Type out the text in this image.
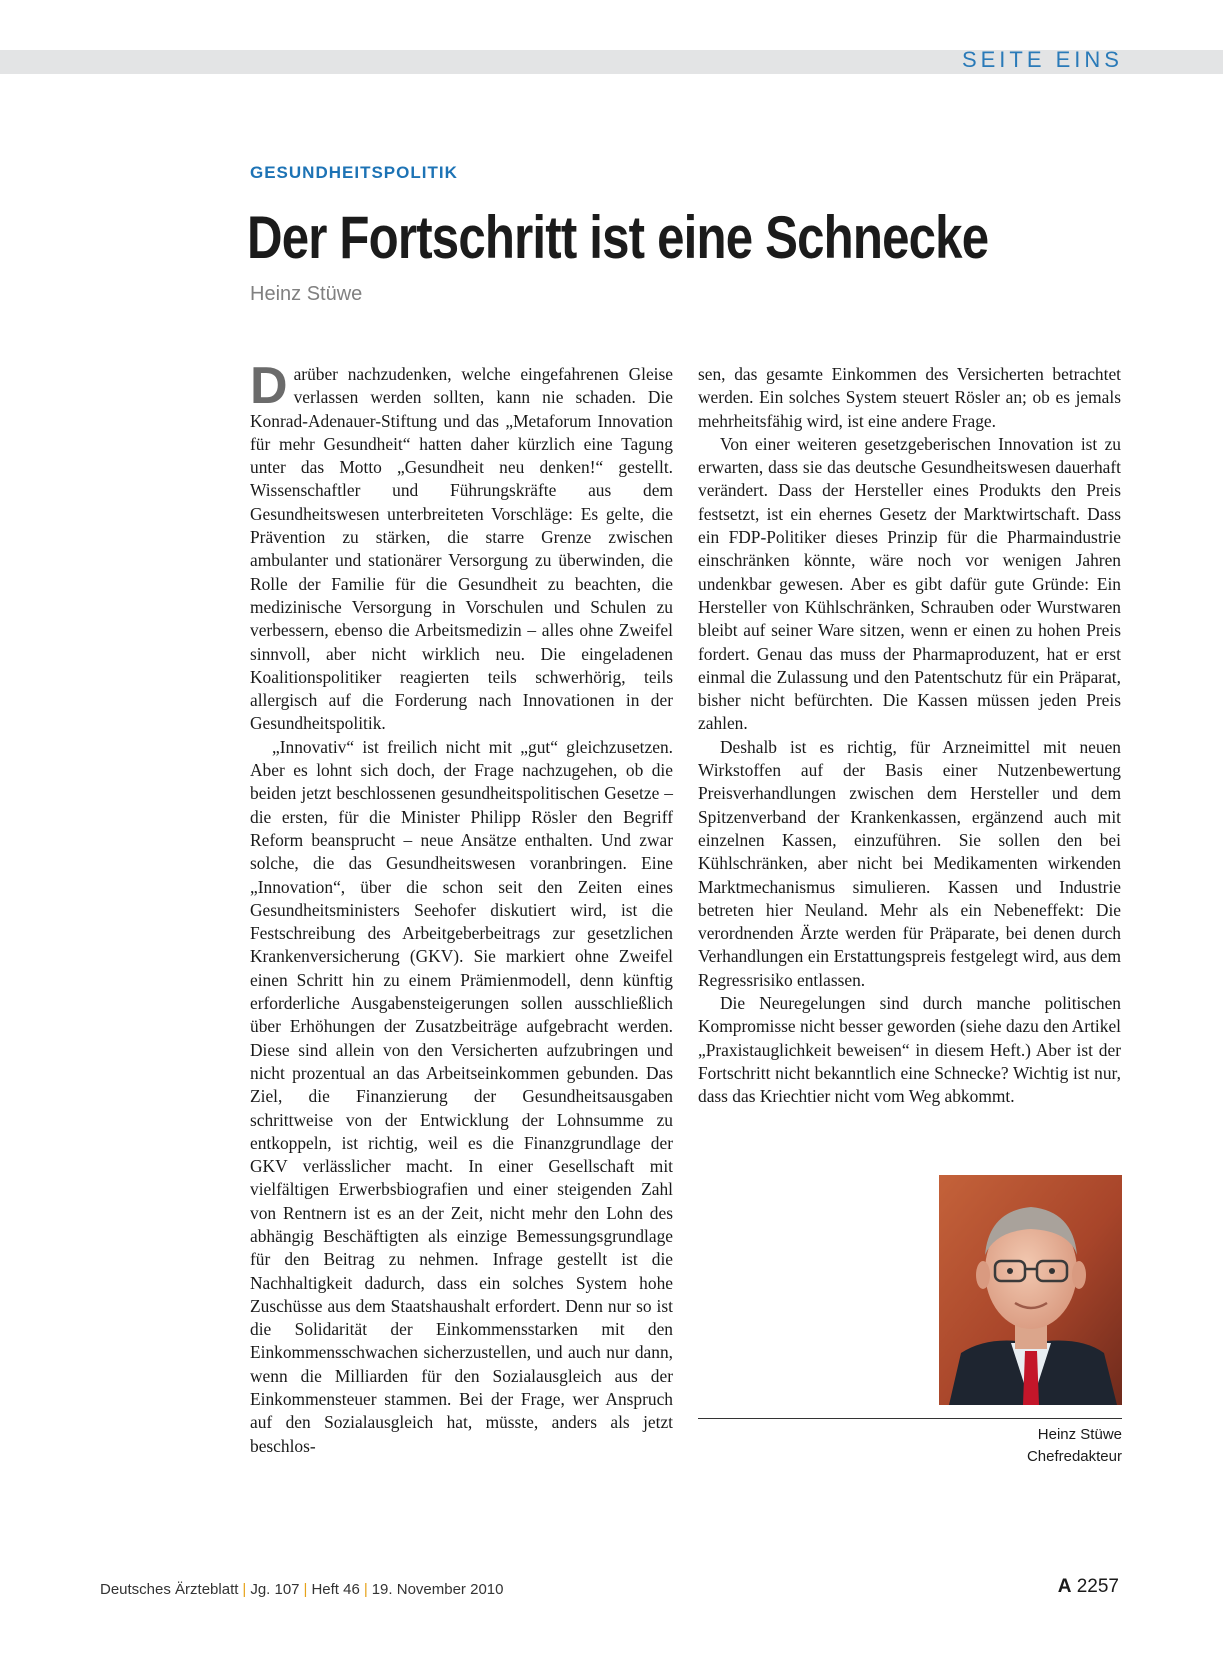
SEITE EINS
GESUNDHEITSPOLITIK
Der Fortschritt ist eine Schnecke
Heinz Stüwe

Darüber nachzudenken, welche eingefahrenen Gleise verlassen werden sollten, kann nie schaden. Die Konrad-Adenauer-Stiftung und das „Metaforum Innovation für mehr Gesundheit“ hatten daher kürzlich eine Tagung unter das Motto „Gesundheit neu denken!“ gestellt. Wissenschaftler und Führungskräfte aus dem Gesundheitswesen unterbreiteten Vorschläge: Es gelte, die Prävention zu stärken, die starre Grenze zwischen ambulanter und stationärer Versorgung zu überwinden, die Rolle der Familie für die Gesundheit zu beachten, die medizinische Versorgung in Vorschulen und Schulen zu verbessern, ebenso die Arbeitsmedizin – alles ohne Zweifel sinnvoll, aber nicht wirklich neu. Die eingeladenen Koalitionspolitiker reagierten teils schwerhörig, teils allergisch auf die Forderung nach Innovationen in der Gesundheitspolitik.

„Innovativ“ ist freilich nicht mit „gut“ gleichzusetzen. Aber es lohnt sich doch, der Frage nachzugehen, ob die beiden jetzt beschlossenen gesundheitspolitischen Gesetze – die ersten, für die Minister Philipp Rösler den Begriff Reform beansprucht – neue Ansätze enthalten. Und zwar solche, die das Gesundheitswesen voranbringen. Eine „Innovation“, über die schon seit den Zeiten eines Gesundheitsministers Seehofer diskutiert wird, ist die Festschreibung des Arbeitgeberbeitrags zur gesetzlichen Krankenversicherung (GKV). Sie markiert ohne Zweifel einen Schritt hin zu einem Prämienmodell, denn künftig erforderliche Ausgabensteigerungen sollen ausschließlich über Erhöhungen der Zusatzbeiträge aufgebracht werden. Diese sind allein von den Versicherten aufzubringen und nicht prozentual an das Arbeitseinkommen gebunden. Das Ziel, die Finanzierung der Gesundheitsausgaben schrittweise von der Entwicklung der Lohnsumme zu entkoppeln, ist richtig, weil es die Finanzgrundlage der GKV verlässlicher macht. In einer Gesellschaft mit vielfältigen Erwerbsbiografien und einer steigenden Zahl von Rentnern ist es an der Zeit, nicht mehr den Lohn des abhängig Beschäftigten als einzige Bemessungsgrundlage für den Beitrag zu nehmen. Infrage gestellt ist die Nachhaltigkeit dadurch, dass ein solches System hohe Zuschüsse aus dem Staatshaushalt erfordert. Denn nur so ist die Solidarität der Einkommensstarken mit den Einkommensschwachen sicherzustellen, und auch nur dann, wenn die Milliarden für den Sozialausgleich aus der Einkommensteuer stammen. Bei der Frage, wer Anspruch auf den Sozialausgleich hat, müsste, anders als jetzt beschlos-

sen, das gesamte Einkommen des Versicherten betrachtet werden. Ein solches System steuert Rösler an; ob es jemals mehrheitsfähig wird, ist eine andere Frage.

Von einer weiteren gesetzgeberischen Innovation ist zu erwarten, dass sie das deutsche Gesundheitswesen dauerhaft verändert. Dass der Hersteller eines Produkts den Preis festsetzt, ist ein ehernes Gesetz der Marktwirtschaft. Dass ein FDP-Politiker dieses Prinzip für die Pharmaindustrie einschränken könnte, wäre noch vor wenigen Jahren undenkbar gewesen. Aber es gibt dafür gute Gründe: Ein Hersteller von Kühlschränken, Schrauben oder Wurstwaren bleibt auf seiner Ware sitzen, wenn er einen zu hohen Preis fordert. Genau das muss der Pharmaproduzent, hat er erst einmal die Zulassung und den Patentschutz für ein Präparat, bisher nicht befürchten. Die Kassen müssen jeden Preis zahlen.

Deshalb ist es richtig, für Arzneimittel mit neuen Wirkstoffen auf der Basis einer Nutzenbewertung Preisverhandlungen zwischen dem Hersteller und dem Spitzenverband der Krankenkassen, ergänzend auch mit einzelnen Kassen, einzuführen. Sie sollen den bei Kühlschränken, aber nicht bei Medikamenten wirkenden Marktmechanismus simulieren. Kassen und Industrie betreten hier Neuland. Mehr als ein Nebeneffekt: Die verordnenden Ärzte werden für Präparate, bei denen durch Verhandlungen ein Erstattungspreis festgelegt wird, aus dem Regressrisiko entlassen.

Die Neuregelungen sind durch manche politischen Kompromisse nicht besser geworden (siehe dazu den Artikel „Praxistauglichkeit beweisen“ in diesem Heft.) Aber ist der Fortschritt nicht bekanntlich eine Schnecke? Wichtig ist nur, dass das Kriechtier nicht vom Weg abkommt.

Heinz Stüwe
Chefredakteur
Deutsches Ärzteblatt | Jg. 107 | Heft 46 | 19. November 2010	A 2257
